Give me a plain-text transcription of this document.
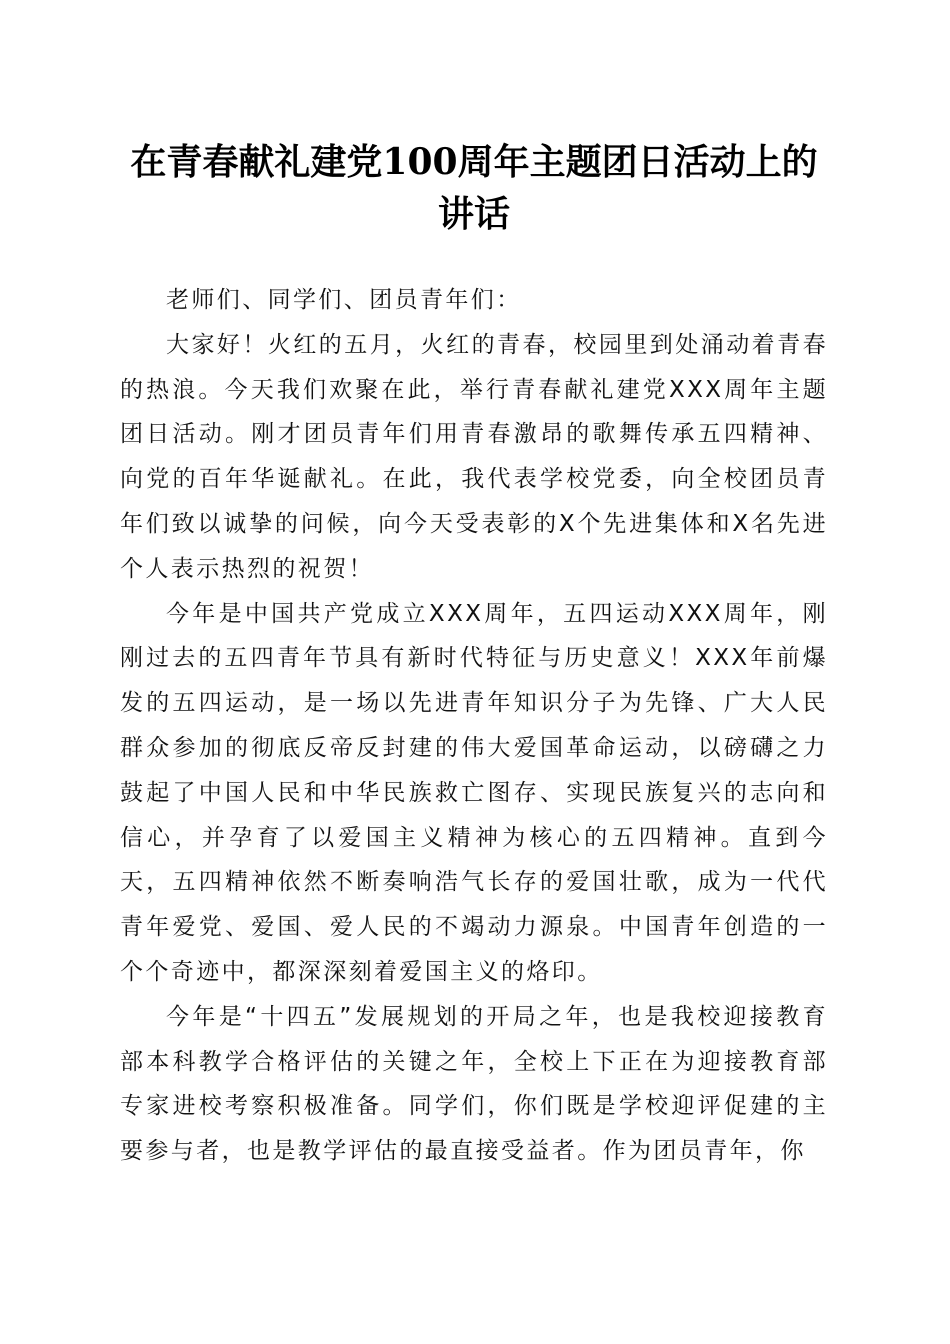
在青春献礼建党100周年主题团日活动上的讲话

老师们、同学们、团员青年们：

大家好！火红的五月，火红的青春，校园里到处涌动着青春的热浪。今天我们欢聚在此，举行青春献礼建党XXX周年主题团日活动。刚才团员青年们用青春激昂的歌舞传承五四精神、向党的百年华诞献礼。在此，我代表学校党委，向全校团员青年们致以诚挚的问候，向今天受表彰的X个先进集体和X名先进个人表示热烈的祝贺！

今年是中国共产党成立XXX周年，五四运动XXX周年，刚刚过去的五四青年节具有新时代特征与历史意义！XXX年前爆发的五四运动，是一场以先进青年知识分子为先锋、广大人民群众参加的彻底反帝反封建的伟大爱国革命运动，以磅礴之力鼓起了中国人民和中华民族救亡图存、实现民族复兴的志向和信心，并孕育了以爱国主义精神为核心的五四精神。直到今天，五四精神依然不断奏响浩气长存的爱国壮歌，成为一代代青年爱党、爱国、爱人民的不竭动力源泉。中国青年创造的一个个奇迹中，都深深刻着爱国主义的烙印。

今年是“十四五”发展规划的开局之年，也是我校迎接教育部本科教学合格评估的关键之年，全校上下正在为迎接教育部专家进校考察积极准备。同学们，你们既是学校迎评促建的主要参与者，也是教学评估的最直接受益者。作为团员青年，你
